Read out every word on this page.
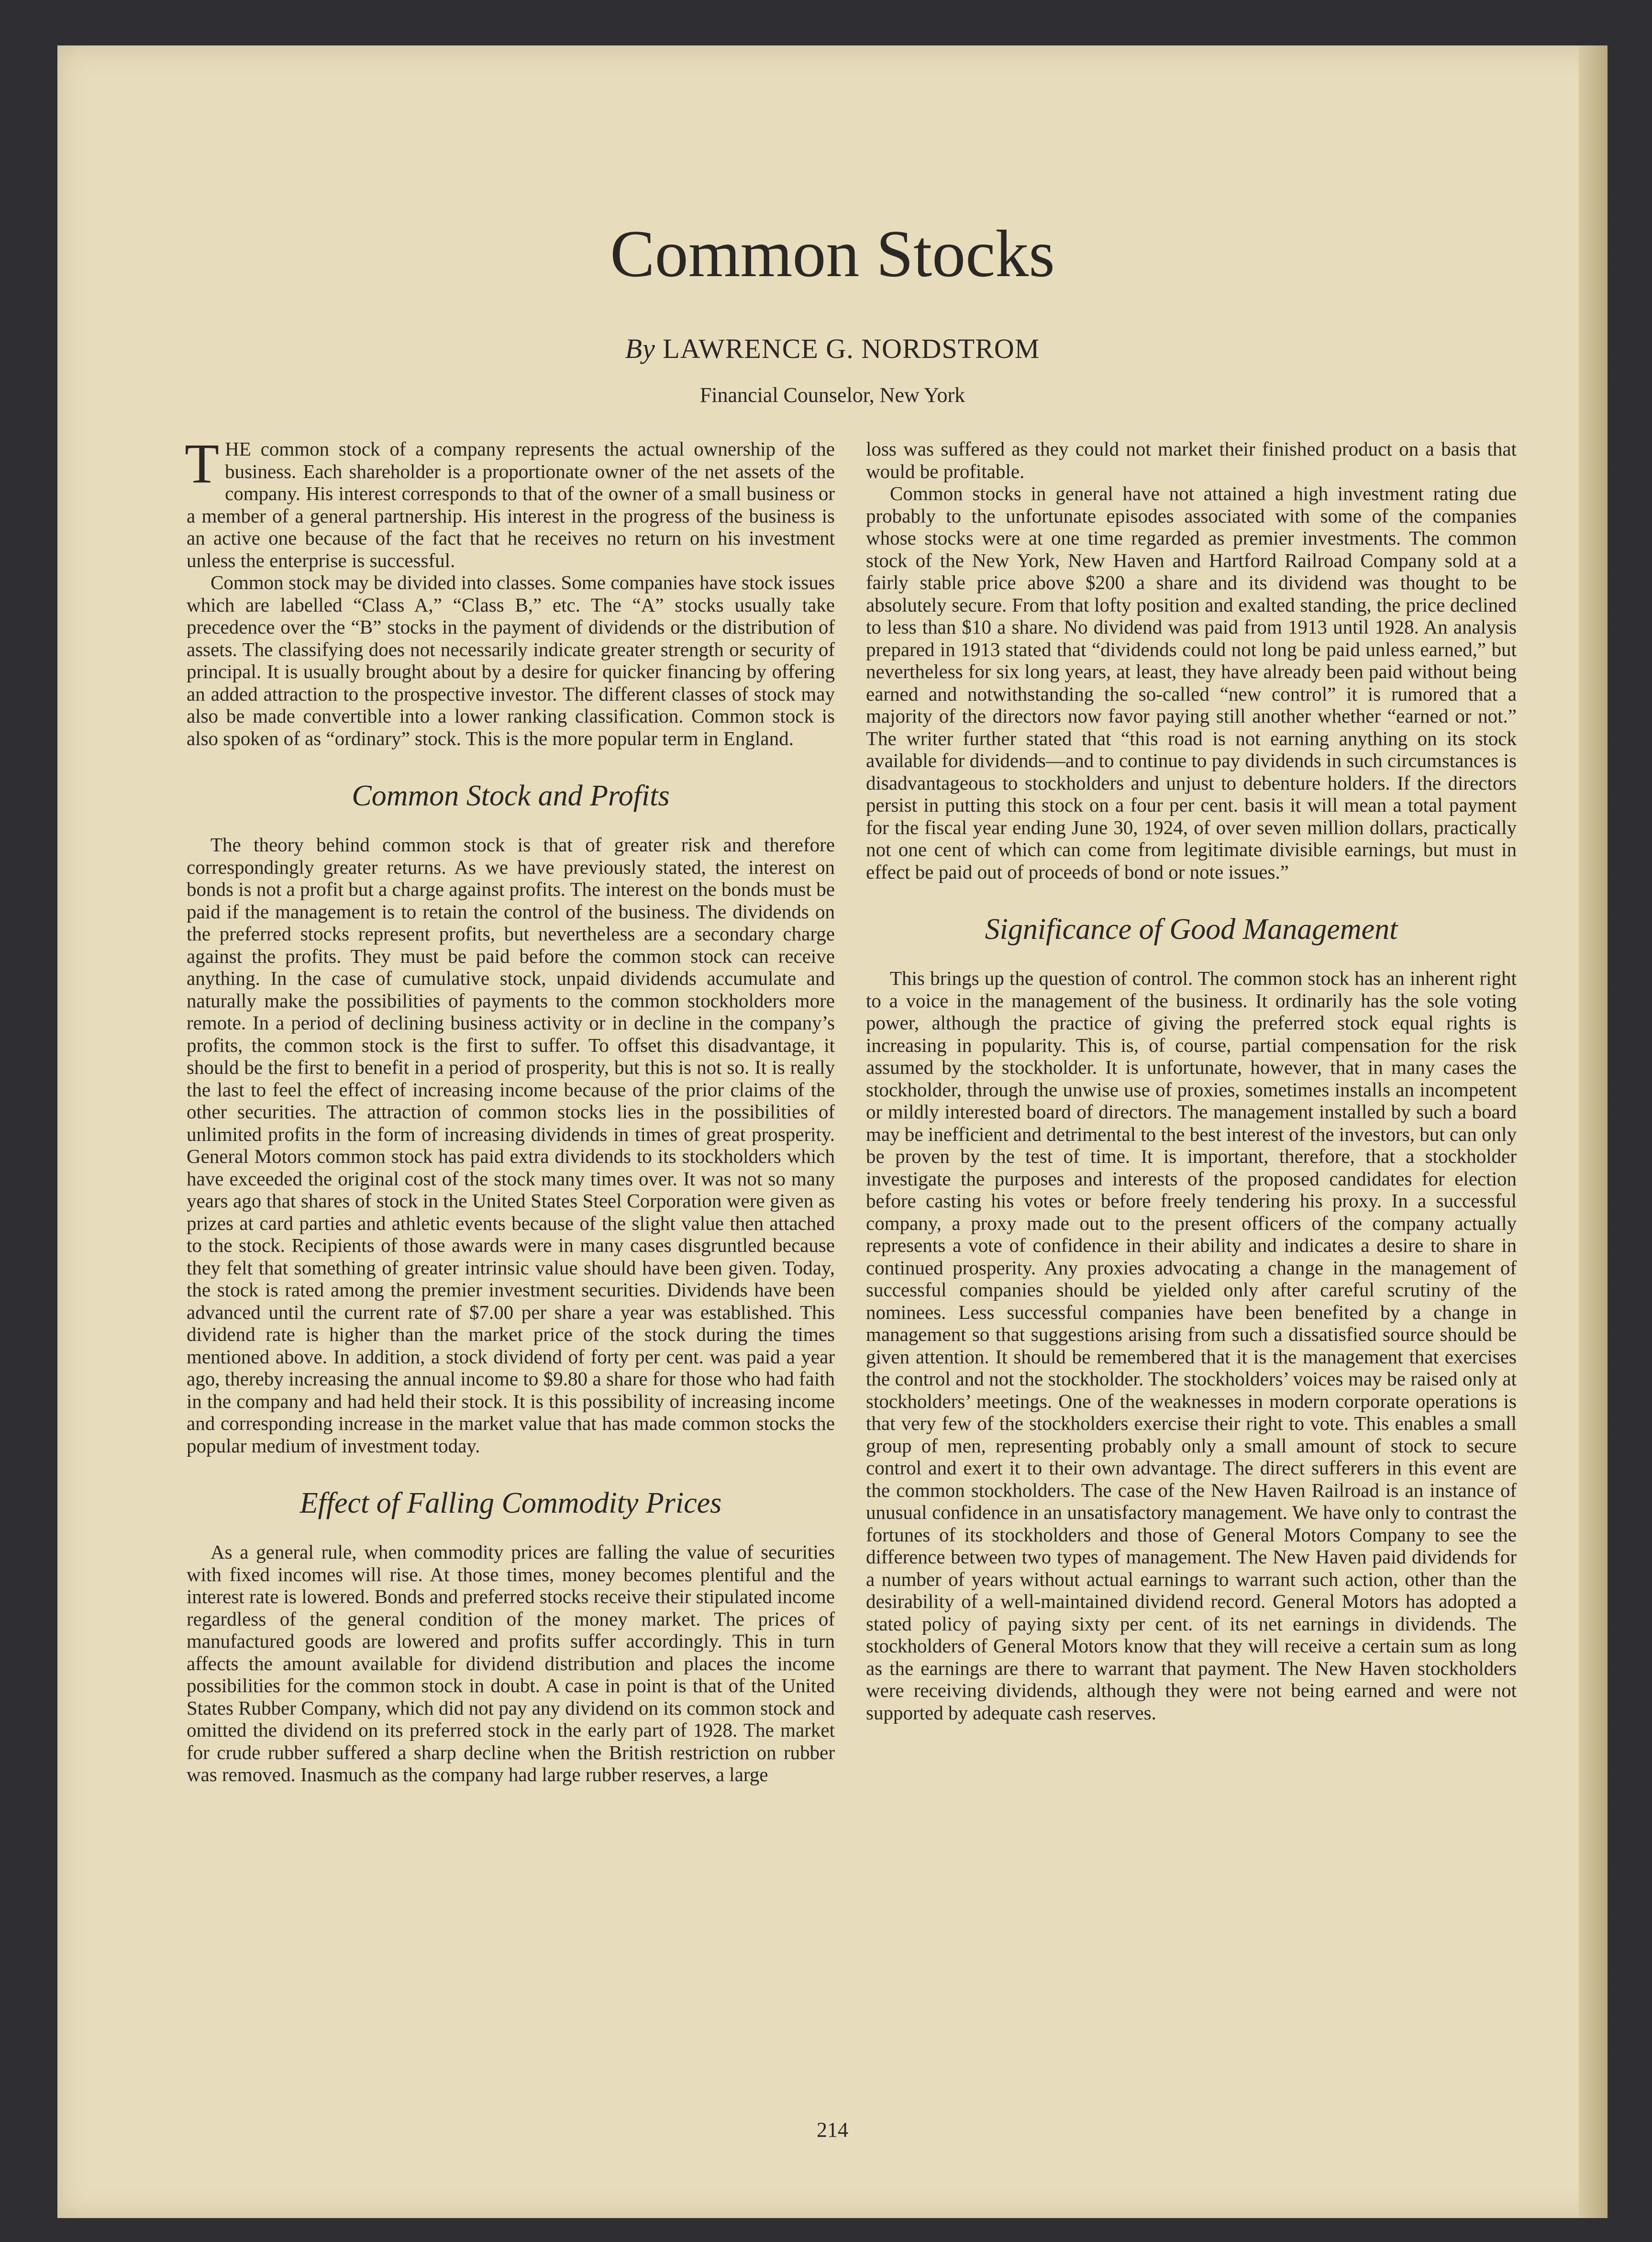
Common Stocks
By LAWRENCE G. NORDSTROM
Financial Counselor, New York

THE common stock of a company represents the actual ownership of the business. Each shareholder is a proportionate owner of the net assets of the company. His interest corresponds to that of the owner of a small business or a member of a general partnership. His interest in the progress of the business is an active one because of the fact that he receives no return on his investment unless the enterprise is successful.

Common stock may be divided into classes. Some companies have stock issues which are labelled “Class A,” “Class B,” etc. The “A” stocks usually take precedence over the “B” stocks in the payment of dividends or the distribution of assets. The classifying does not necessarily indicate greater strength or security of principal. It is usually brought about by a desire for quicker financing by offering an added attraction to the prospective investor. The different classes of stock may also be made convertible into a lower ranking classification. Common stock is also spoken of as “ordinary” stock. This is the more popular term in England.

Common Stock and Profits

The theory behind common stock is that of greater risk and therefore correspondingly greater returns. As we have previously stated, the interest on bonds is not a profit but a charge against profits. The interest on the bonds must be paid if the management is to retain the control of the business. The dividends on the preferred stocks represent profits, but nevertheless are a secondary charge against the profits. They must be paid before the common stock can receive anything. In the case of cumulative stock, unpaid dividends accumulate and naturally make the possibilities of payments to the common stockholders more remote. In a period of declining business activity or in decline in the company’s profits, the common stock is the first to suffer. To offset this disadvantage, it should be the first to benefit in a period of prosperity, but this is not so. It is really the last to feel the effect of increasing income because of the prior claims of the other securities. The attraction of common stocks lies in the possibilities of unlimited profits in the form of increasing dividends in times of great prosperity. General Motors common stock has paid extra dividends to its stockholders which have exceeded the original cost of the stock many times over. It was not so many years ago that shares of stock in the United States Steel Corporation were given as prizes at card parties and athletic events because of the slight value then attached to the stock. Recipients of those awards were in many cases disgruntled because they felt that something of greater intrinsic value should have been given. Today, the stock is rated among the premier investment securities. Dividends have been advanced until the current rate of $7.00 per share a year was established. This dividend rate is higher than the market price of the stock during the times mentioned above. In addition, a stock dividend of forty per cent. was paid a year ago, thereby increasing the annual income to $9.80 a share for those who had faith in the company and had held their stock. It is this possibility of increasing income and corresponding increase in the market value that has made common stocks the popular medium of investment today.

Effect of Falling Commodity Prices

As a general rule, when commodity prices are falling the value of securities with fixed incomes will rise. At those times, money becomes plentiful and the interest rate is lowered. Bonds and preferred stocks receive their stipulated income regardless of the general condition of the money market. The prices of manufactured goods are lowered and profits suffer accordingly. This in turn affects the amount available for dividend distribution and places the income possibilities for the common stock in doubt. A case in point is that of the United States Rubber Company, which did not pay any dividend on its common stock and omitted the dividend on its preferred stock in the early part of 1928. The market for crude rubber suffered a sharp decline when the British restriction on rubber was removed. Inasmuch as the company had large rubber reserves, a large

loss was suffered as they could not market their finished product on a basis that would be profitable.

Common stocks in general have not attained a high investment rating due probably to the unfortunate episodes associated with some of the companies whose stocks were at one time regarded as premier investments. The common stock of the New York, New Haven and Hartford Railroad Company sold at a fairly stable price above $200 a share and its dividend was thought to be absolutely secure. From that lofty position and exalted standing, the price declined to less than $10 a share. No dividend was paid from 1913 until 1928. An analysis prepared in 1913 stated that “dividends could not long be paid unless earned,” but nevertheless for six long years, at least, they have already been paid without being earned and notwithstanding the so-called “new control” it is rumored that a majority of the directors now favor paying still another whether “earned or not.” The writer further stated that “this road is not earning anything on its stock available for dividends—and to continue to pay dividends in such circumstances is disadvantageous to stockholders and unjust to debenture holders. If the directors persist in putting this stock on a four per cent. basis it will mean a total payment for the fiscal year ending June 30, 1924, of over seven million dollars, practically not one cent of which can come from legitimate divisible earnings, but must in effect be paid out of proceeds of bond or note issues.”

Significance of Good Management

This brings up the question of control. The common stock has an inherent right to a voice in the management of the business. It ordinarily has the sole voting power, although the practice of giving the preferred stock equal rights is increasing in popularity. This is, of course, partial compensation for the risk assumed by the stockholder. It is unfortunate, however, that in many cases the stockholder, through the unwise use of proxies, sometimes installs an incompetent or mildly interested board of directors. The management installed by such a board may be inefficient and detrimental to the best interest of the investors, but can only be proven by the test of time. It is important, therefore, that a stockholder investigate the purposes and interests of the proposed candidates for election before casting his votes or before freely tendering his proxy. In a successful company, a proxy made out to the present officers of the company actually represents a vote of confidence in their ability and indicates a desire to share in continued prosperity. Any proxies advocating a change in the management of successful companies should be yielded only after careful scrutiny of the nominees. Less successful companies have been benefited by a change in management so that suggestions arising from such a dissatisfied source should be given attention. It should be remembered that it is the management that exercises the control and not the stockholder. The stockholders’ voices may be raised only at stockholders’ meetings. One of the weaknesses in modern corporate operations is that very few of the stockholders exercise their right to vote. This enables a small group of men, representing probably only a small amount of stock to secure control and exert it to their own advantage. The direct sufferers in this event are the common stockholders. The case of the New Haven Railroad is an instance of unusual confidence in an unsatisfactory management. We have only to contrast the fortunes of its stockholders and those of General Motors Company to see the difference between two types of management. The New Haven paid dividends for a number of years without actual earnings to warrant such action, other than the desirability of a well-maintained dividend record. General Motors has adopted a stated policy of paying sixty per cent. of its net earnings in dividends. The stockholders of General Motors know that they will receive a certain sum as long as the earnings are there to warrant that payment. The New Haven stockholders were receiving dividends, although they were not being earned and were not supported by adequate cash reserves.

214
